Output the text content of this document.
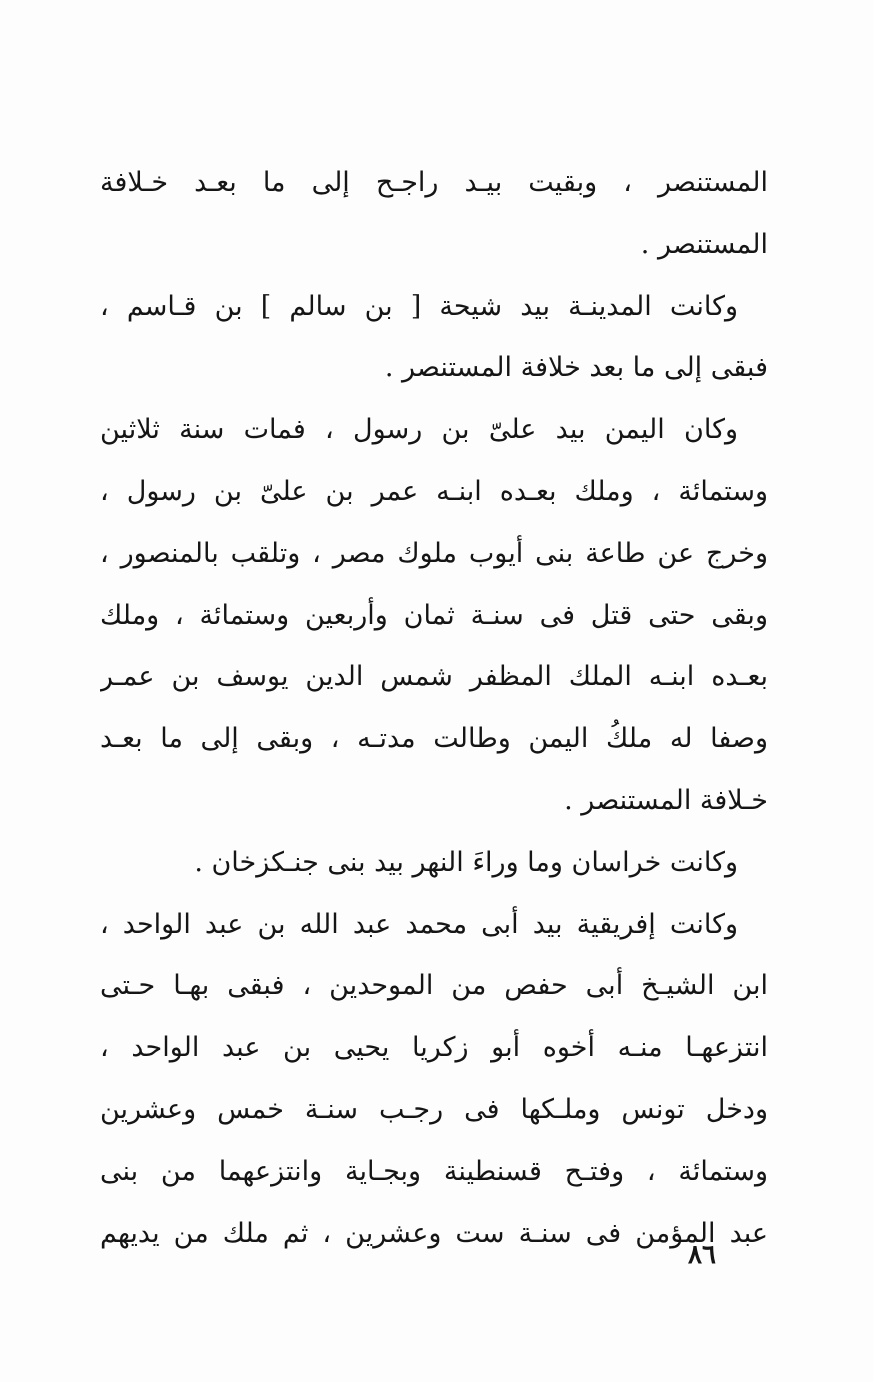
المستنصر ، وبقيت بيـد راجـح إلى ما بعـد خـلافة
المستنصر .
وكانت المدينـة بيد شيحة [ بن سالم ] بن قـاسم ،
فبقى إلى ما بعد خلافة المستنصر .
وكان اليمن بيد علىّ بن رسول ، فمات سنة ثلاثين
وستمائة ، وملك بعـده ابنـه عمر بن علىّ بن رسول ،
وخرج عن طاعة بنى أيوب ملوك مصر ، وتلقب بالمنصور ،
وبقى حتى قتل فى سنـة ثمان وأربعين وستمائة ، وملك
بعـده ابنـه الملك المظفر شمس الدين يوسف بن عمـر
وصفا له ملكُ اليمن وطالت مدتـه ، وبقى إلى ما بعـد
خـلافة المستنصر .
وكانت خراسان وما وراءَ النهر بيد بنى جنـكزخان .
وكانت إفريقية بيد أبى محمد عبد الله بن عبد الواحد ،
ابن الشيـخ أبى حفص من الموحدين ، فبقى بهـا حـتى
انتزعهـا منـه أخوه أبو زكريا يحيى بن عبد الواحد ،
ودخل تونس وملـكها فى رجـب سنـة خمس وعشرين
وستمائة ، وفتـح قسنطينة وبجـاية وانتزعهما من بنى
عبد المؤمن فى سنـة ست وعشرين ، ثم ملك من يديهم
٨٦
